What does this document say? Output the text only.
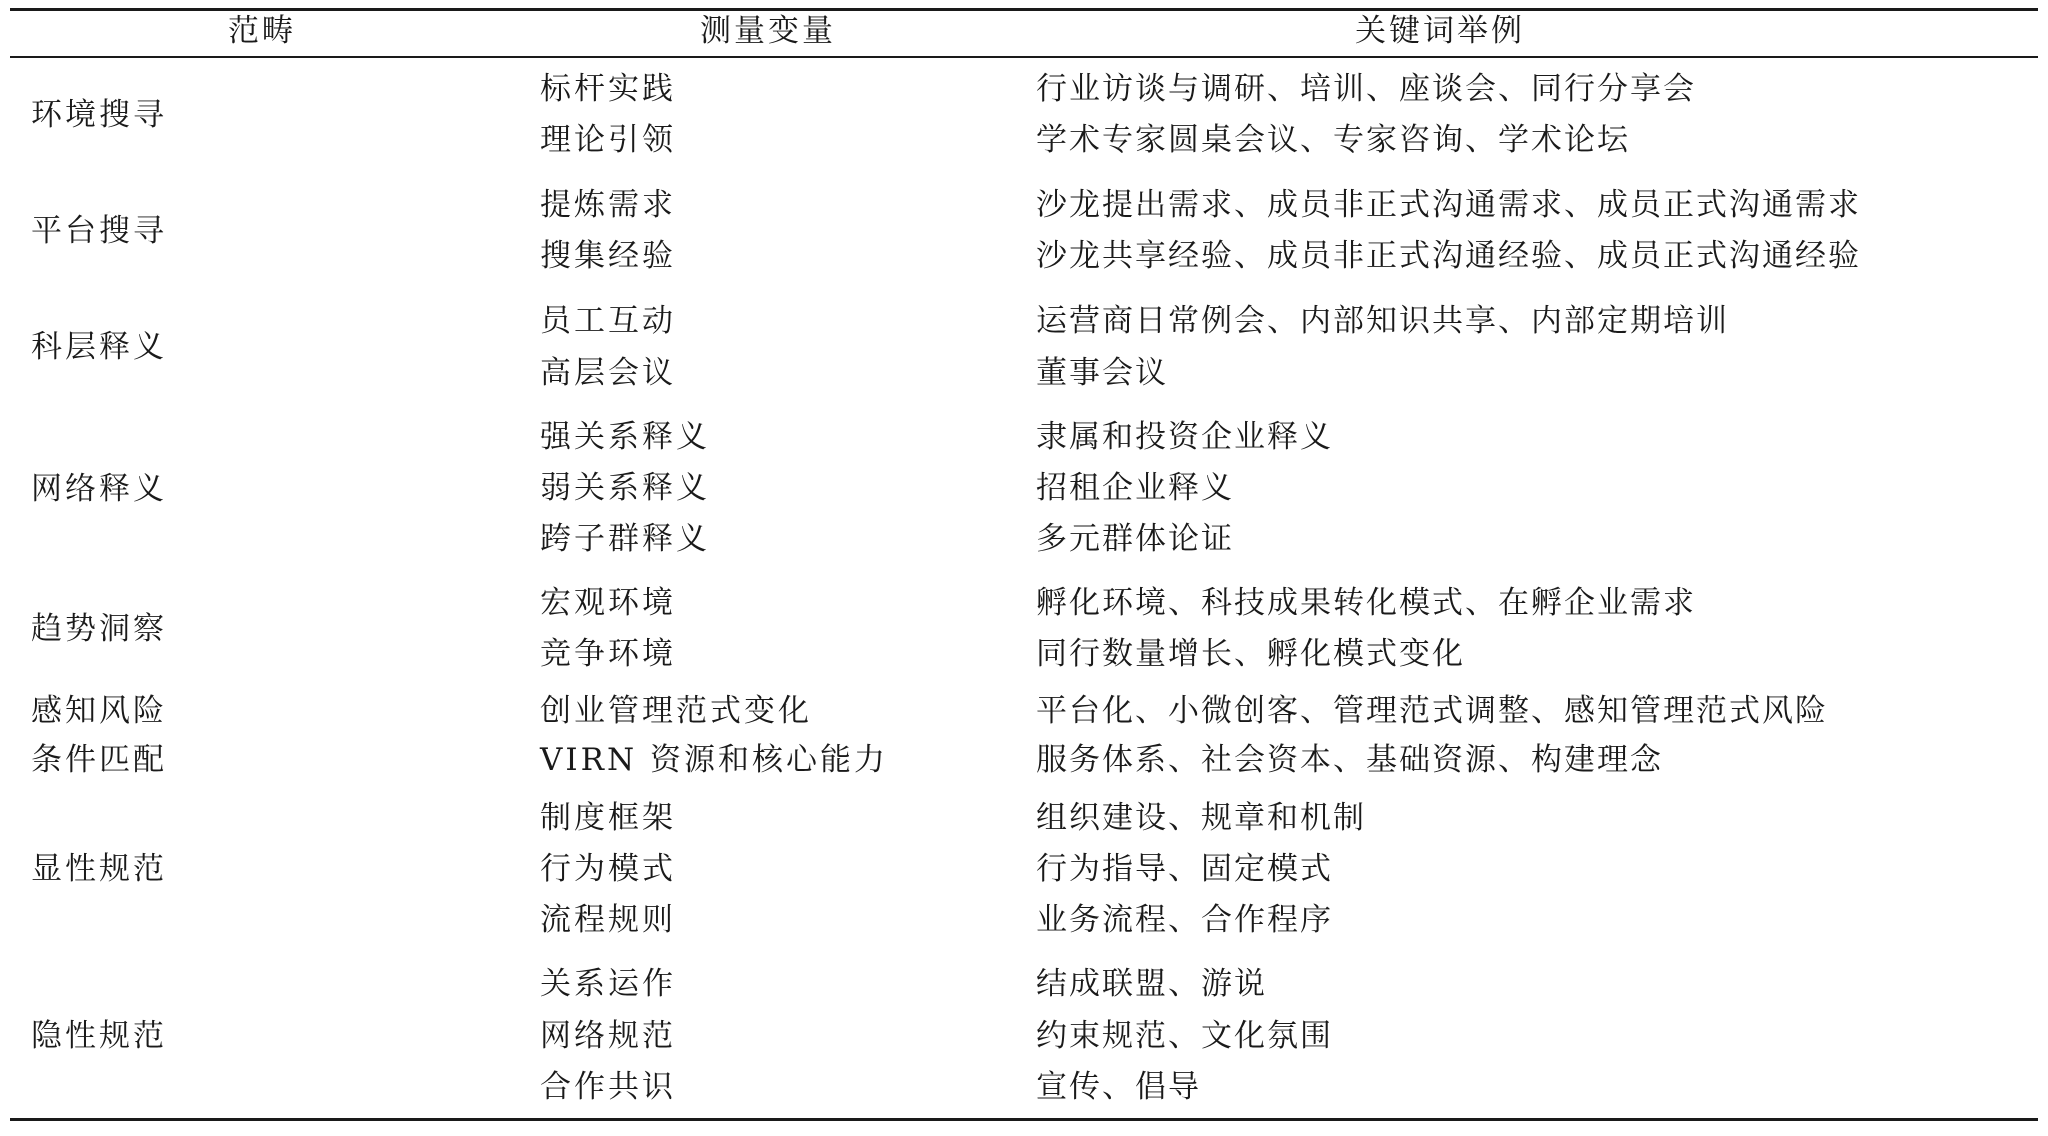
范畴	测量变量	关键词举例
环境搜寻
标杆实践	行业访谈与调研、培训、座谈会、同行分享会
理论引领	学术专家圆桌会议、专家咨询、学术论坛
平台搜寻
提炼需求	沙龙提出需求、成员非正式沟通需求、成员正式沟通需求
搜集经验	沙龙共享经验、成员非正式沟通经验、成员正式沟通经验
科层释义
员工互动	运营商日常例会、内部知识共享、内部定期培训
高层会议	董事会议
网络释义
强关系释义	隶属和投资企业释义
弱关系释义	招租企业释义
跨子群释义	多元群体论证
趋势洞察
宏观环境	孵化环境、科技成果转化模式、在孵企业需求
竞争环境	同行数量增长、孵化模式变化
感知风险	创业管理范式变化	平台化、小微创客、管理范式调整、感知管理范式风险
条件匹配	VIRN 资源和核心能力	服务体系、社会资本、基础资源、构建理念
显性规范
制度框架	组织建设、规章和机制
行为模式	行为指导、固定模式
流程规则	业务流程、合作程序
隐性规范
关系运作	结成联盟、游说
网络规范	约束规范、文化氛围
合作共识	宣传、倡导
